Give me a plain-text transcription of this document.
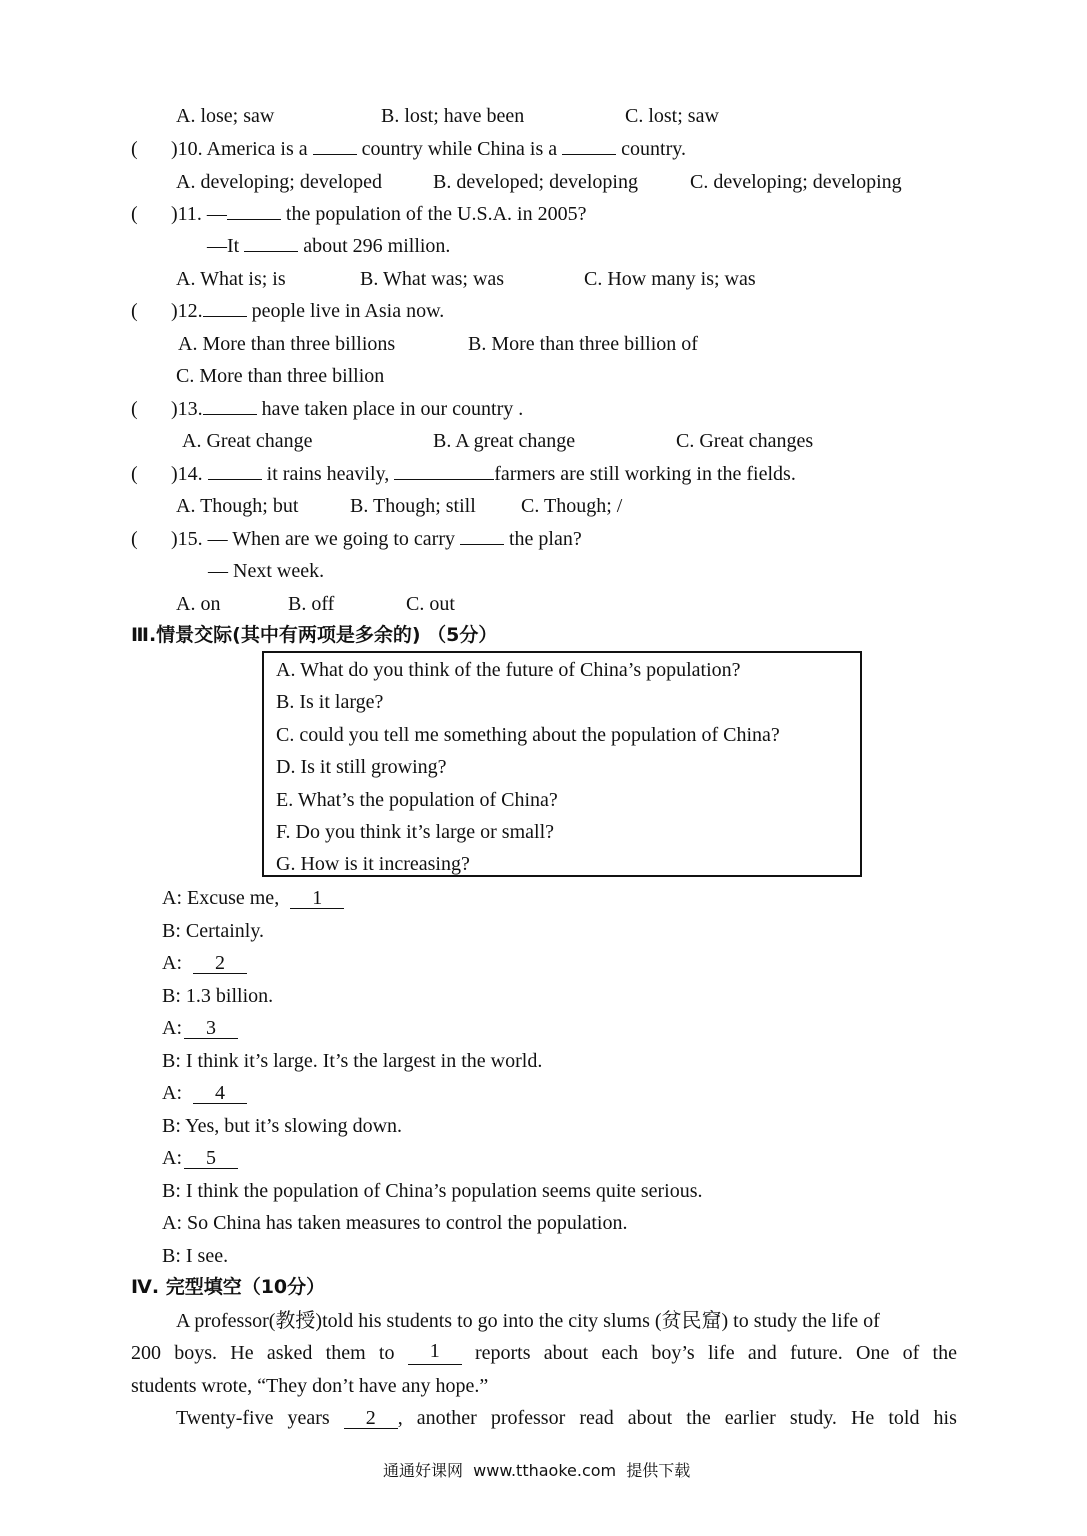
A. lose; saw	B. lost; have been	C. lost; saw
( )10. America is a  country while China is a	country.
A. developing; developed	B. developed; developing	C. developing; developing
( )11. —	the population of the U.S.A. in 2005?
—It	about 296 million.
A. What is; is	B. What was; was	C. How many is; was
( )12. people live in Asia now.
A. More than three billions	B. More than three billion of
C. More than three billion
( )13.	have taken place in our country .
A. Great change	B. A great change	C. Great changes
( )14.	it rains heavily,	farmers are still working in the fields.
A. Though; but	B. Though; still C. Though; /
( )15. — When are we going to carry  the plan?
— Next week.
A. on	B. off	C. out
Ⅲ.情景交际(其中有两项是多余的) （5分）
A. What do you think of the future of China’s population?
B. Is it large?
C. could you tell me something about the population of China?
D. Is it still growing?
E. What’s the population of China?
F. Do you think it’s large or small?
G. How is it increasing?
A: Excuse me, 1
B: Certainly.
A: 2
B: 1.3 billion.
A: 3
B: I think it’s large. It’s the largest in the world.
A: 4
B: Yes, but it’s slowing down.
A: 5
B: I think the population of China’s population seems quite serious.
A: So China has taken measures to control the population.
B: I see.
Ⅳ. 完型填空（10分）
A professor(教授)told his students to go into the city slums (贫民窟) to study the life of
200 boys. He asked them to	1	reports about each boy’s life and future. One of the
students wrote, “They don’t have any hope.”
Twenty-five years	2 , another professor read about the earlier study. He told his
通通好课网  www.tthaoke.com  提供下载
